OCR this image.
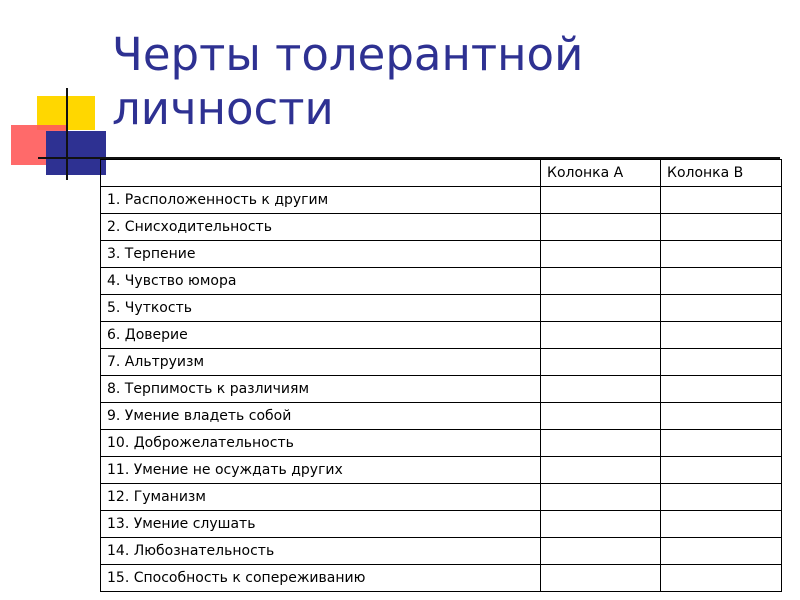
Черты толерантной
личности
	Колонка А	Колонка B
1. Расположенность к другим		
2. Снисходительность		
3. Терпение		
4. Чувство юмора		
5. Чуткость		
6. Доверие		
7. Альтруизм		
8. Терпимость к различиям		
9. Умение владеть собой		
10. Доброжелательность		
11. Умение не осуждать других		
12. Гуманизм		
13. Умение слушать		
14. Любознательность		
15. Способность к сопереживанию		
